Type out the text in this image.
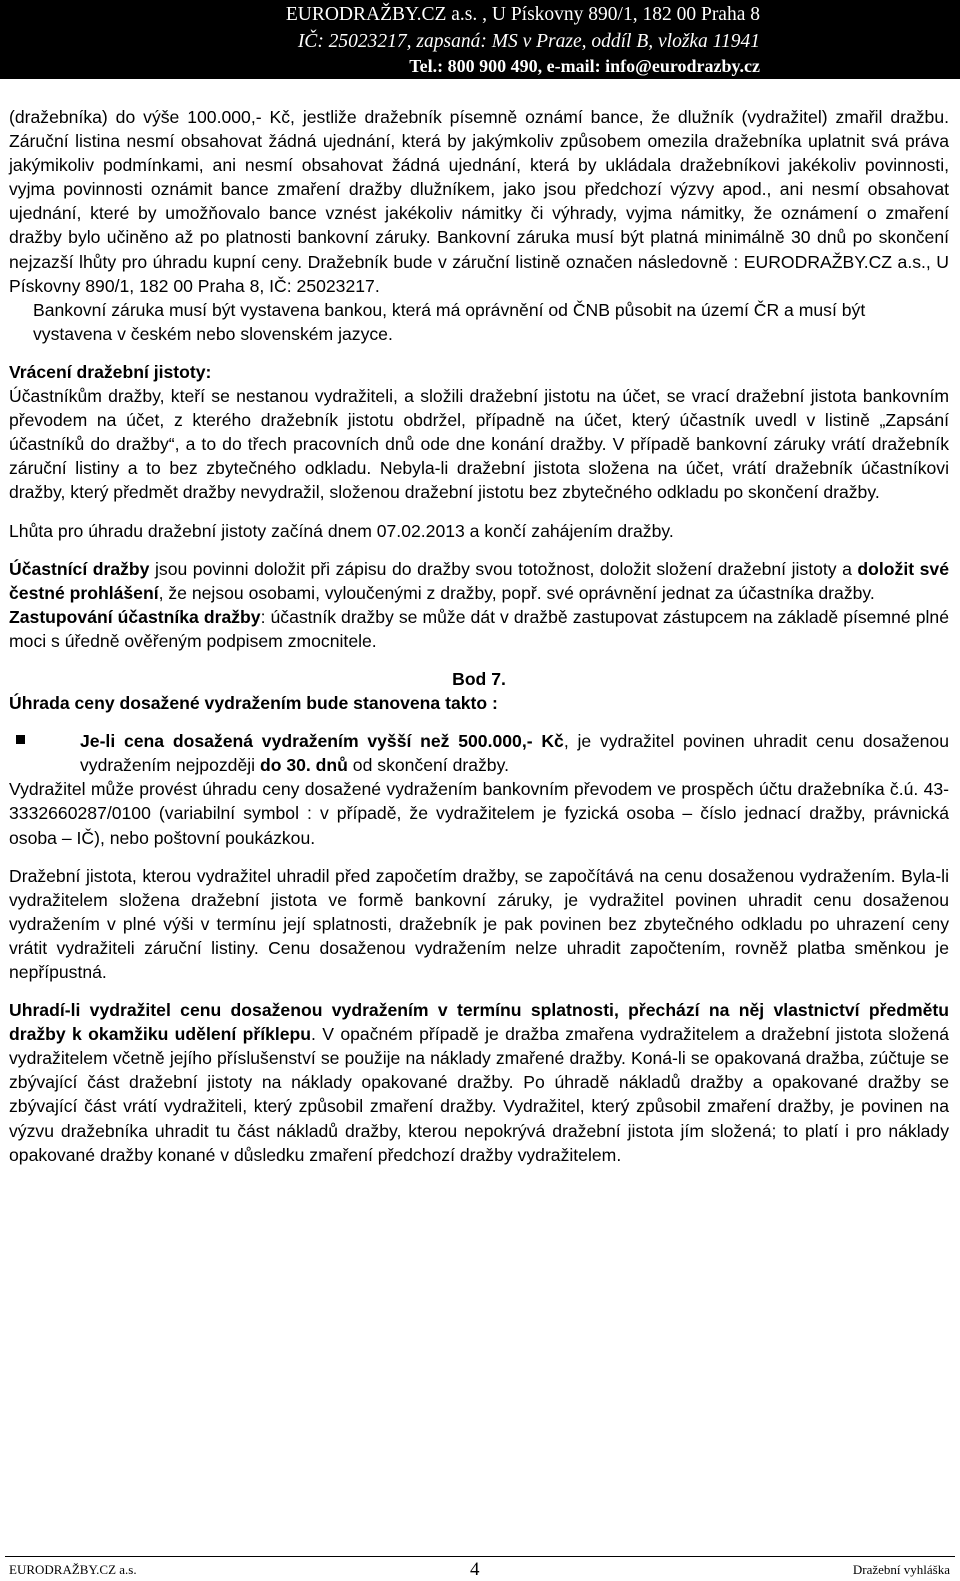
EURODRAŽBY.CZ a.s. , U Pískovny 890/1, 182 00 Praha 8
IČ: 25023217, zapsaná: MS v Praze, oddíl B, vložka 11941
Tel.: 800 900 490, e-mail: info@eurodrazby.cz

(dražebníka) do výše 100.000,- Kč, jestliže dražebník písemně oznámí bance, že dlužník (vydražitel) zmařil dražbu. Záruční listina nesmí obsahovat žádná ujednání, která by jakýmkoliv způsobem omezila dražebníka uplatnit svá práva jakýmikoliv podmínkami, ani nesmí obsahovat žádná ujednání, která by ukládala dražebníkovi jakékoliv povinnosti, vyjma povinnosti oznámit bance zmaření dražby dlužníkem, jako jsou předchozí výzvy apod., ani nesmí obsahovat ujednání, které by umožňovalo bance vznést jakékoliv námitky či výhrady, vyjma námitky, že oznámení o zmaření dražby bylo učiněno až po platnosti bankovní záruky. Bankovní záruka musí být platná minimálně 30 dnů po skončení nejzazší lhůty pro úhradu kupní ceny. Dražebník bude v záruční listině označen následovně : EURODRAŽBY.CZ a.s., U Pískovny 890/1, 182 00 Praha 8, IČ: 25023217.

Bankovní záruka musí být vystavena bankou, která má oprávnění od ČNB působit na území ČR a musí být vystavena v českém nebo slovenském jazyce.

Vrácení dražební jistoty:

Účastníkům dražby, kteří se nestanou vydražiteli, a složili dražební jistotu na účet, se vrací dražební jistota bankovním převodem na účet, z kterého dražebník jistotu obdržel, případně na účet, který účastník uvedl v listině „Zapsání účastníků do dražby“, a to do třech pracovních dnů ode dne konání dražby. V případě bankovní záruky vrátí dražebník záruční listiny a to bez zbytečného odkladu. Nebyla-li dražební jistota složena na účet, vrátí dražebník účastníkovi dražby, který předmět dražby nevydražil, složenou dražební jistotu bez zbytečného odkladu po skončení dražby.

Lhůta pro úhradu dražební jistoty začíná dnem 07.02.2013 a končí zahájením dražby.

Účastnící dražby jsou povinni doložit při zápisu do dražby svou totožnost, doložit složení dražební jistoty a doložit své čestné prohlášení, že nejsou osobami, vyloučenými z dražby, popř. své oprávnění jednat za účastníka dražby.

Zastupování účastníka dražby: účastník dražby se může dát v dražbě zastupovat zástupcem na základě písemné plné moci s úředně ověřeným podpisem zmocnitele.

Bod 7.

Úhrada ceny dosažené vydražením bude stanovena takto :

Je-li cena dosažená vydražením vyšší než 500.000,- Kč, je vydražitel povinen uhradit cenu dosaženou vydražením nejpozději do 30. dnů od skončení dražby.

Vydražitel může provést úhradu ceny dosažené vydražením bankovním převodem ve prospěch účtu dražebníka č.ú. 43-3332660287/0100 (variabilní symbol : v případě, že vydražitelem je fyzická osoba – číslo jednací dražby, právnická osoba – IČ), nebo poštovní poukázkou.

Dražební jistota, kterou vydražitel uhradil před započetím dražby, se započítává na cenu dosaženou vydražením. Byla-li vydražitelem složena dražební jistota ve formě bankovní záruky, je vydražitel povinen uhradit cenu dosaženou vydražením v plné výši v termínu její splatnosti, dražebník je pak povinen bez zbytečného odkladu po uhrazení ceny vrátit vydražiteli záruční listiny. Cenu dosaženou vydražením nelze uhradit započtením, rovněž platba směnkou je nepřípustná.

Uhradí-li vydražitel cenu dosaženou vydražením v termínu splatnosti, přechází na něj vlastnictví předmětu dražby k okamžiku udělení příklepu. V opačném případě je dražba zmařena vydražitelem a dražební jistota složená vydražitelem včetně jejího příslušenství se použije na náklady zmařené dražby. Koná-li se opakovaná dražba, zúčtuje se zbývající část dražební jistoty na náklady opakované dražby. Po úhradě nákladů dražby a opakované dražby se zbývající část vrátí vydražiteli, který způsobil zmaření dražby. Vydražitel, který způsobil zmaření dražby, je povinen na výzvu dražebníka uhradit tu část nákladů dražby, kterou nepokrývá dražební jistota jím složená; to platí i pro náklady opakované dražby konané v důsledku zmaření předchozí dražby vydražitelem.

EURODRAŽBY.CZ a.s.	4	Dražební vyhláška
